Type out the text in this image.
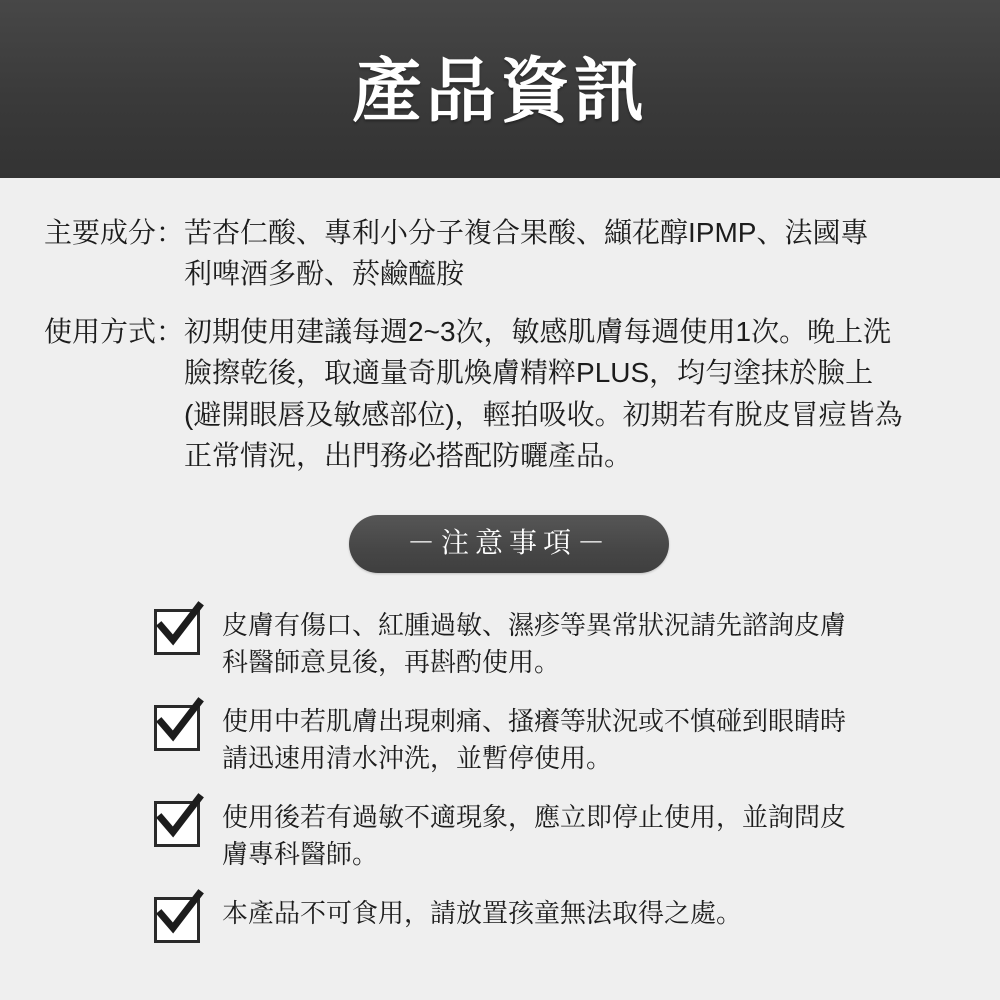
產品資訊
主要成分： 苦杏仁酸、專利小分子複合果酸、纈花醇IPMP、法國專

利啤酒多酚、菸鹼醯胺

使用方式： 初期使用建議每週2~3次，敏感肌膚每週使用1次。晚上洗

臉擦乾後，取適量奇肌煥膚精粹PLUS，均勻塗抹於臉上

(避開眼唇及敏感部位)，輕拍吸收。初期若有脫皮冒痘皆為

正常情況，出門務必搭配防曬產品。

－注意事項－

皮膚有傷口、紅腫過敏、濕疹等異常狀況請先諮詢皮膚

科醫師意見後，再斟酌使用。

使用中若肌膚出現刺痛、搔癢等狀況或不慎碰到眼睛時

請迅速用清水沖洗，並暫停使用。

使用後若有過敏不適現象，應立即停止使用，並詢問皮

膚專科醫師。

本產品不可食用，請放置孩童無法取得之處。
